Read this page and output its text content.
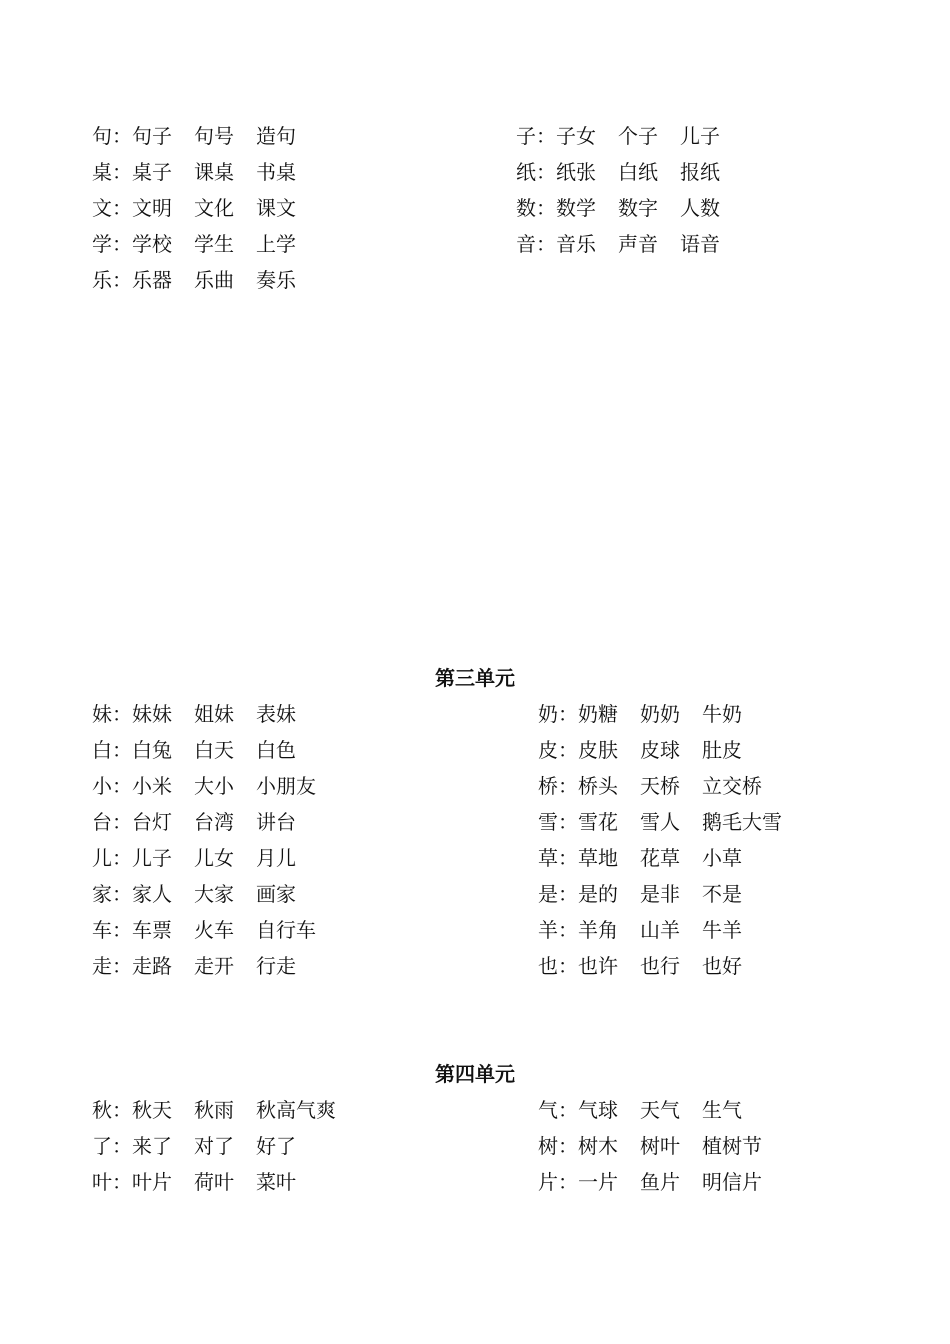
句：句子 句号 造句
桌：桌子 课桌 书桌
文：文明 文化 课文
学：学校 学生 上学
乐：乐器 乐曲 奏乐
子：子女 个子 儿子
纸：纸张 白纸 报纸
数：数学 数字 人数
音：音乐 声音 语音
第三单元
妹：妹妹 姐妹 表妹
白：白兔 白天 白色
小：小米 大小 小朋友
台：台灯 台湾 讲台
儿：儿子 儿女 月儿
家：家人 大家 画家
车：车票 火车 自行车
走：走路 走开 行走
奶：奶糖 奶奶 牛奶
皮：皮肤 皮球 肚皮
桥：桥头 天桥 立交桥
雪：雪花 雪人 鹅毛大雪
草：草地 花草 小草
是：是的 是非 不是
羊：羊角 山羊 牛羊
也：也许 也行 也好
第四单元
秋：秋天 秋雨 秋高气爽
了：来了 对了 好了
叶：叶片 荷叶 菜叶
气：气球 天气 生气
树：树木 树叶 植树节
片：一片 鱼片 明信片
